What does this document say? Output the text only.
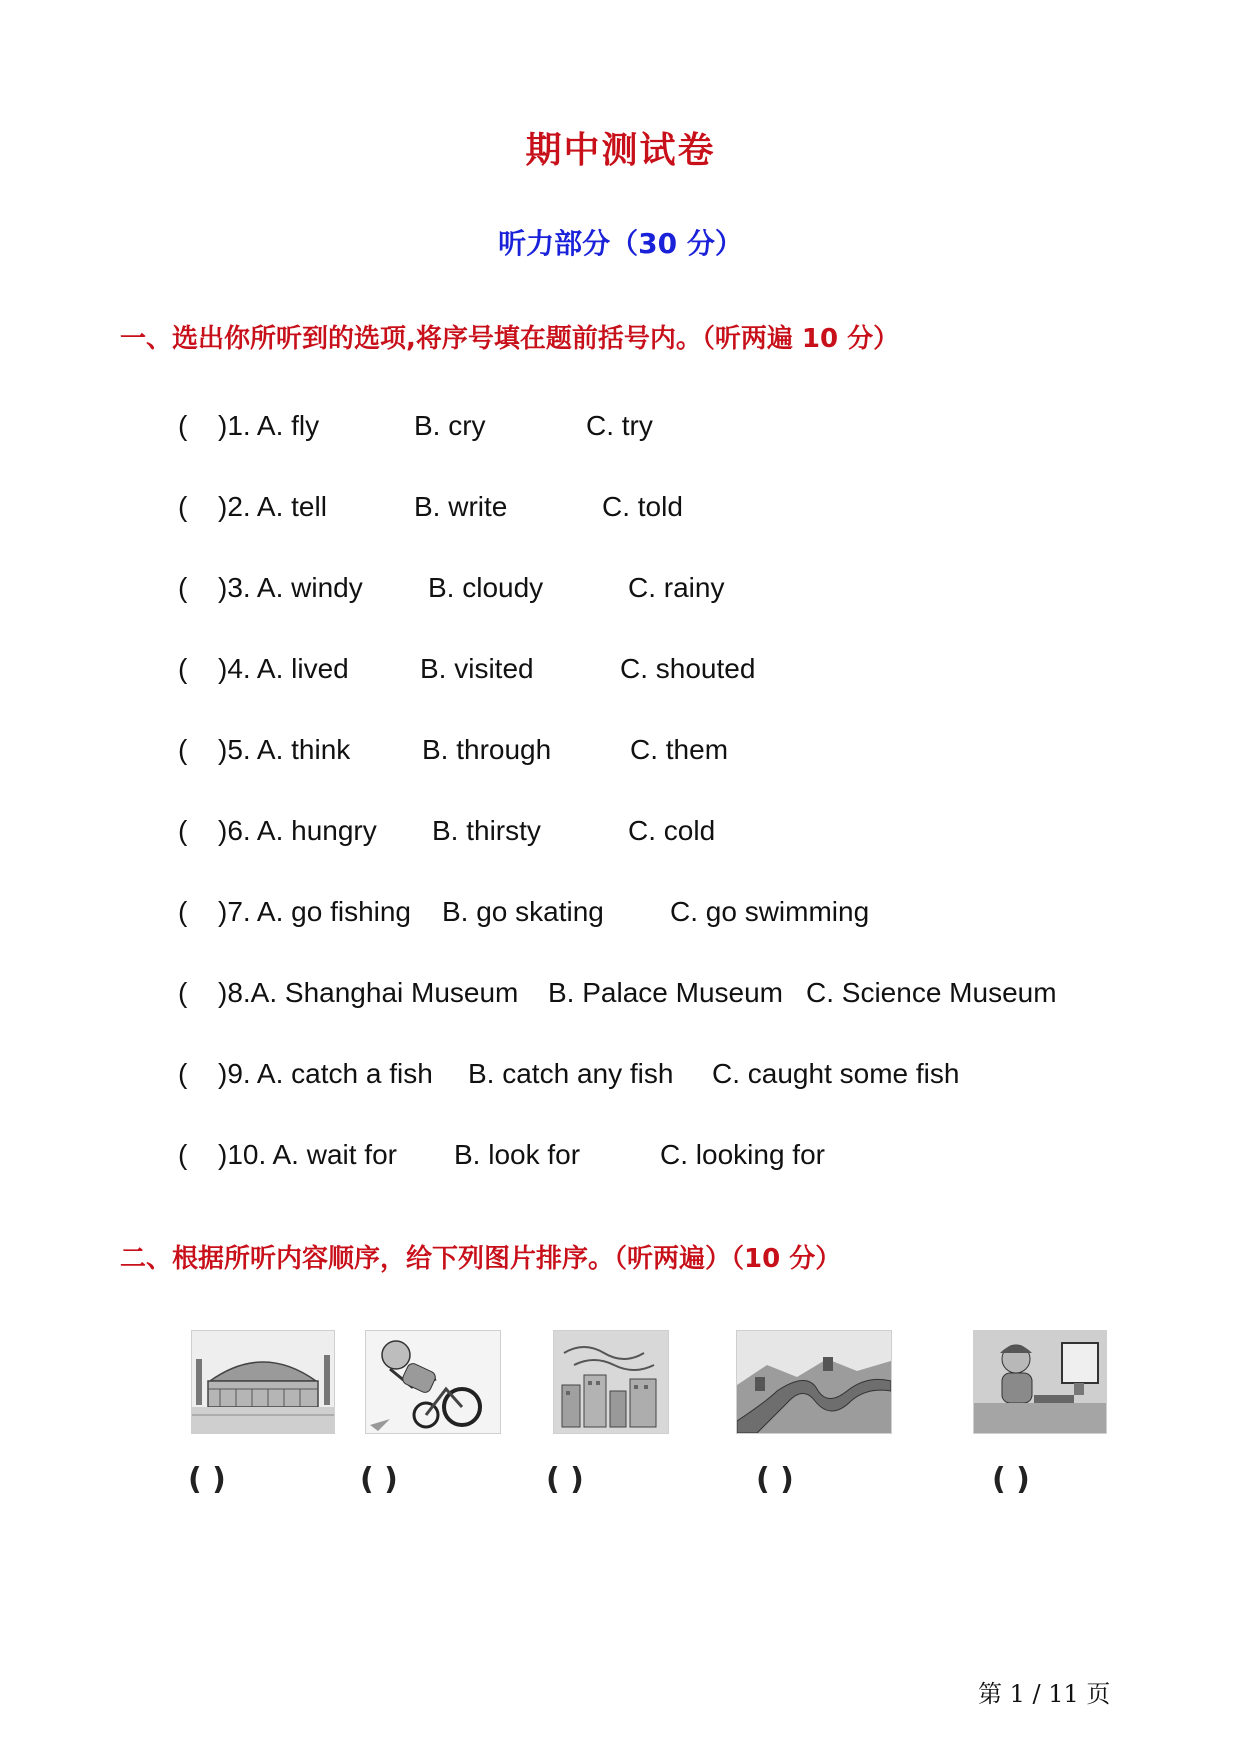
期中测试卷
听力部分（30 分）
一、选出你所听到的选项,将序号填在题前括号内。（听两遍 10 分）
( )1. A. fly	B. cry	C. try
( )2. A. tell	B. write	C. told
( )3. A. windy B. cloudy	C. rainy
( )4. A. lived	B. visited	C. shouted
( )5. A. think	B. through	C. them
( )6. A. hungry B. thirsty	C. cold
( )7. A. go fishing B. go skating C. go swimming
( )8.A. Shanghai Museum B. Palace Museum C. Science Museum
( )9. A. catch a fish B. catch any fish C. caught some fish
( )10. A. wait for B. look for	C. looking for
二、根据所听内容顺序，给下列图片排序。（听两遍）（10 分）
( )	( )	( )	( )	( )
第 1 / 11 页
